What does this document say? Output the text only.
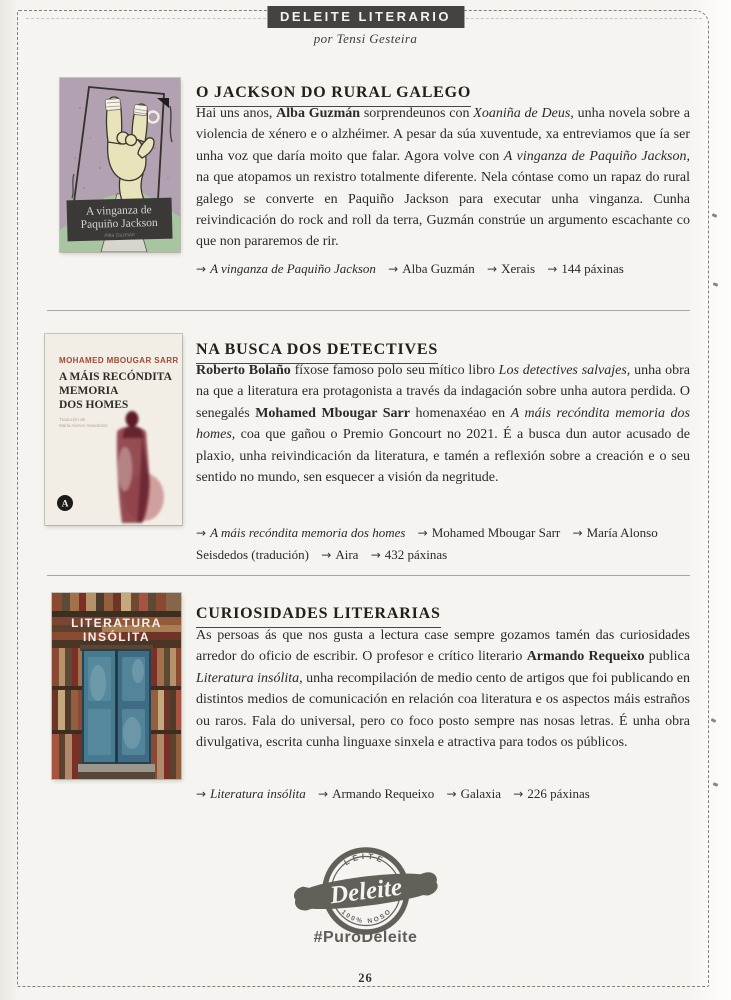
DELEITE LITERARIO
por Tensi Gesteira
A vinganza de
Paquiño Jackson
Alba Guzmán
O JACKSON DO RURAL GALEGO

Hai uns anos, Alba Guzmán sorprendeunos con Xoaniña de Deus, unha novela sobre a violencia de xénero e o alzhéimer. A pesar da súa xuventude, xa entreviamos que ía ser unha voz que daría moito que falar. Agora volve con A vinganza de Paquiño Jackson, na que atopamos un rexistro totalmente diferente. Nela cóntase como un rapaz do rural galego se converte en Paquiño Jackson para executar unha vinganza. Cunha reivindicación do rock and roll da terra, Guzmán constrúe un argumento escachante co que non pararemos de rir.

→ A vinganza de Paquiño Jackson → Alba Guzmán → Xerais → 144 páxinas
MOHAMED MBOUGAR SARR
A MÁIS RECÓNDITA
MEMORIA
DOS HOMES
Tradución de
María Alonso Seisdedos
A
NA BUSCA DOS DETECTIVES

Roberto Bolaño fíxose famoso polo seu mítico libro Los detectives salvajes, unha obra na que a literatura era protagonista a través da indagación sobre unha autora perdida. O senegalés Mohamed Mbougar Sarr homenaxéao en A máis recóndita memoria dos homes, coa que gañou o Premio Goncourt no 2021. É a busca dun autor acusado de plaxio, unha reivindicación da literatura, e tamén a reflexión sobre a creación e o seu sentido no mundo, sen esquecer a visión da negritude.

→ A máis recóndita memoria dos homes → Mohamed Mbougar Sarr → María Alonso Seisdedos (tradución) → Aira → 432 páxinas
LITERATURA
INSÓLITA
CURIOSIDADES LITERARIAS

As persoas ás que nos gusta a lectura case sempre gozamos tamén das curiosidades arredor do oficio de escribir. O profesor e crítico literario Armando Requeixo publica Literatura insólita, unha recompilación de medio cento de artigos que foi publicando en distintos medios de comunicación en relación coa literatura e os aspectos máis estraños ou raros. Fala do universal, pero co foco posto sempre nas nosas letras. É unha obra divulgativa, escrita cunha linguaxe sinxela e atractiva para todos os públicos.

→ Literatura insólita → Armando Requeixo → Galaxia → 226 páxinas
LEITE
100% NOSO
Deleite
#PuroDeleite
26
